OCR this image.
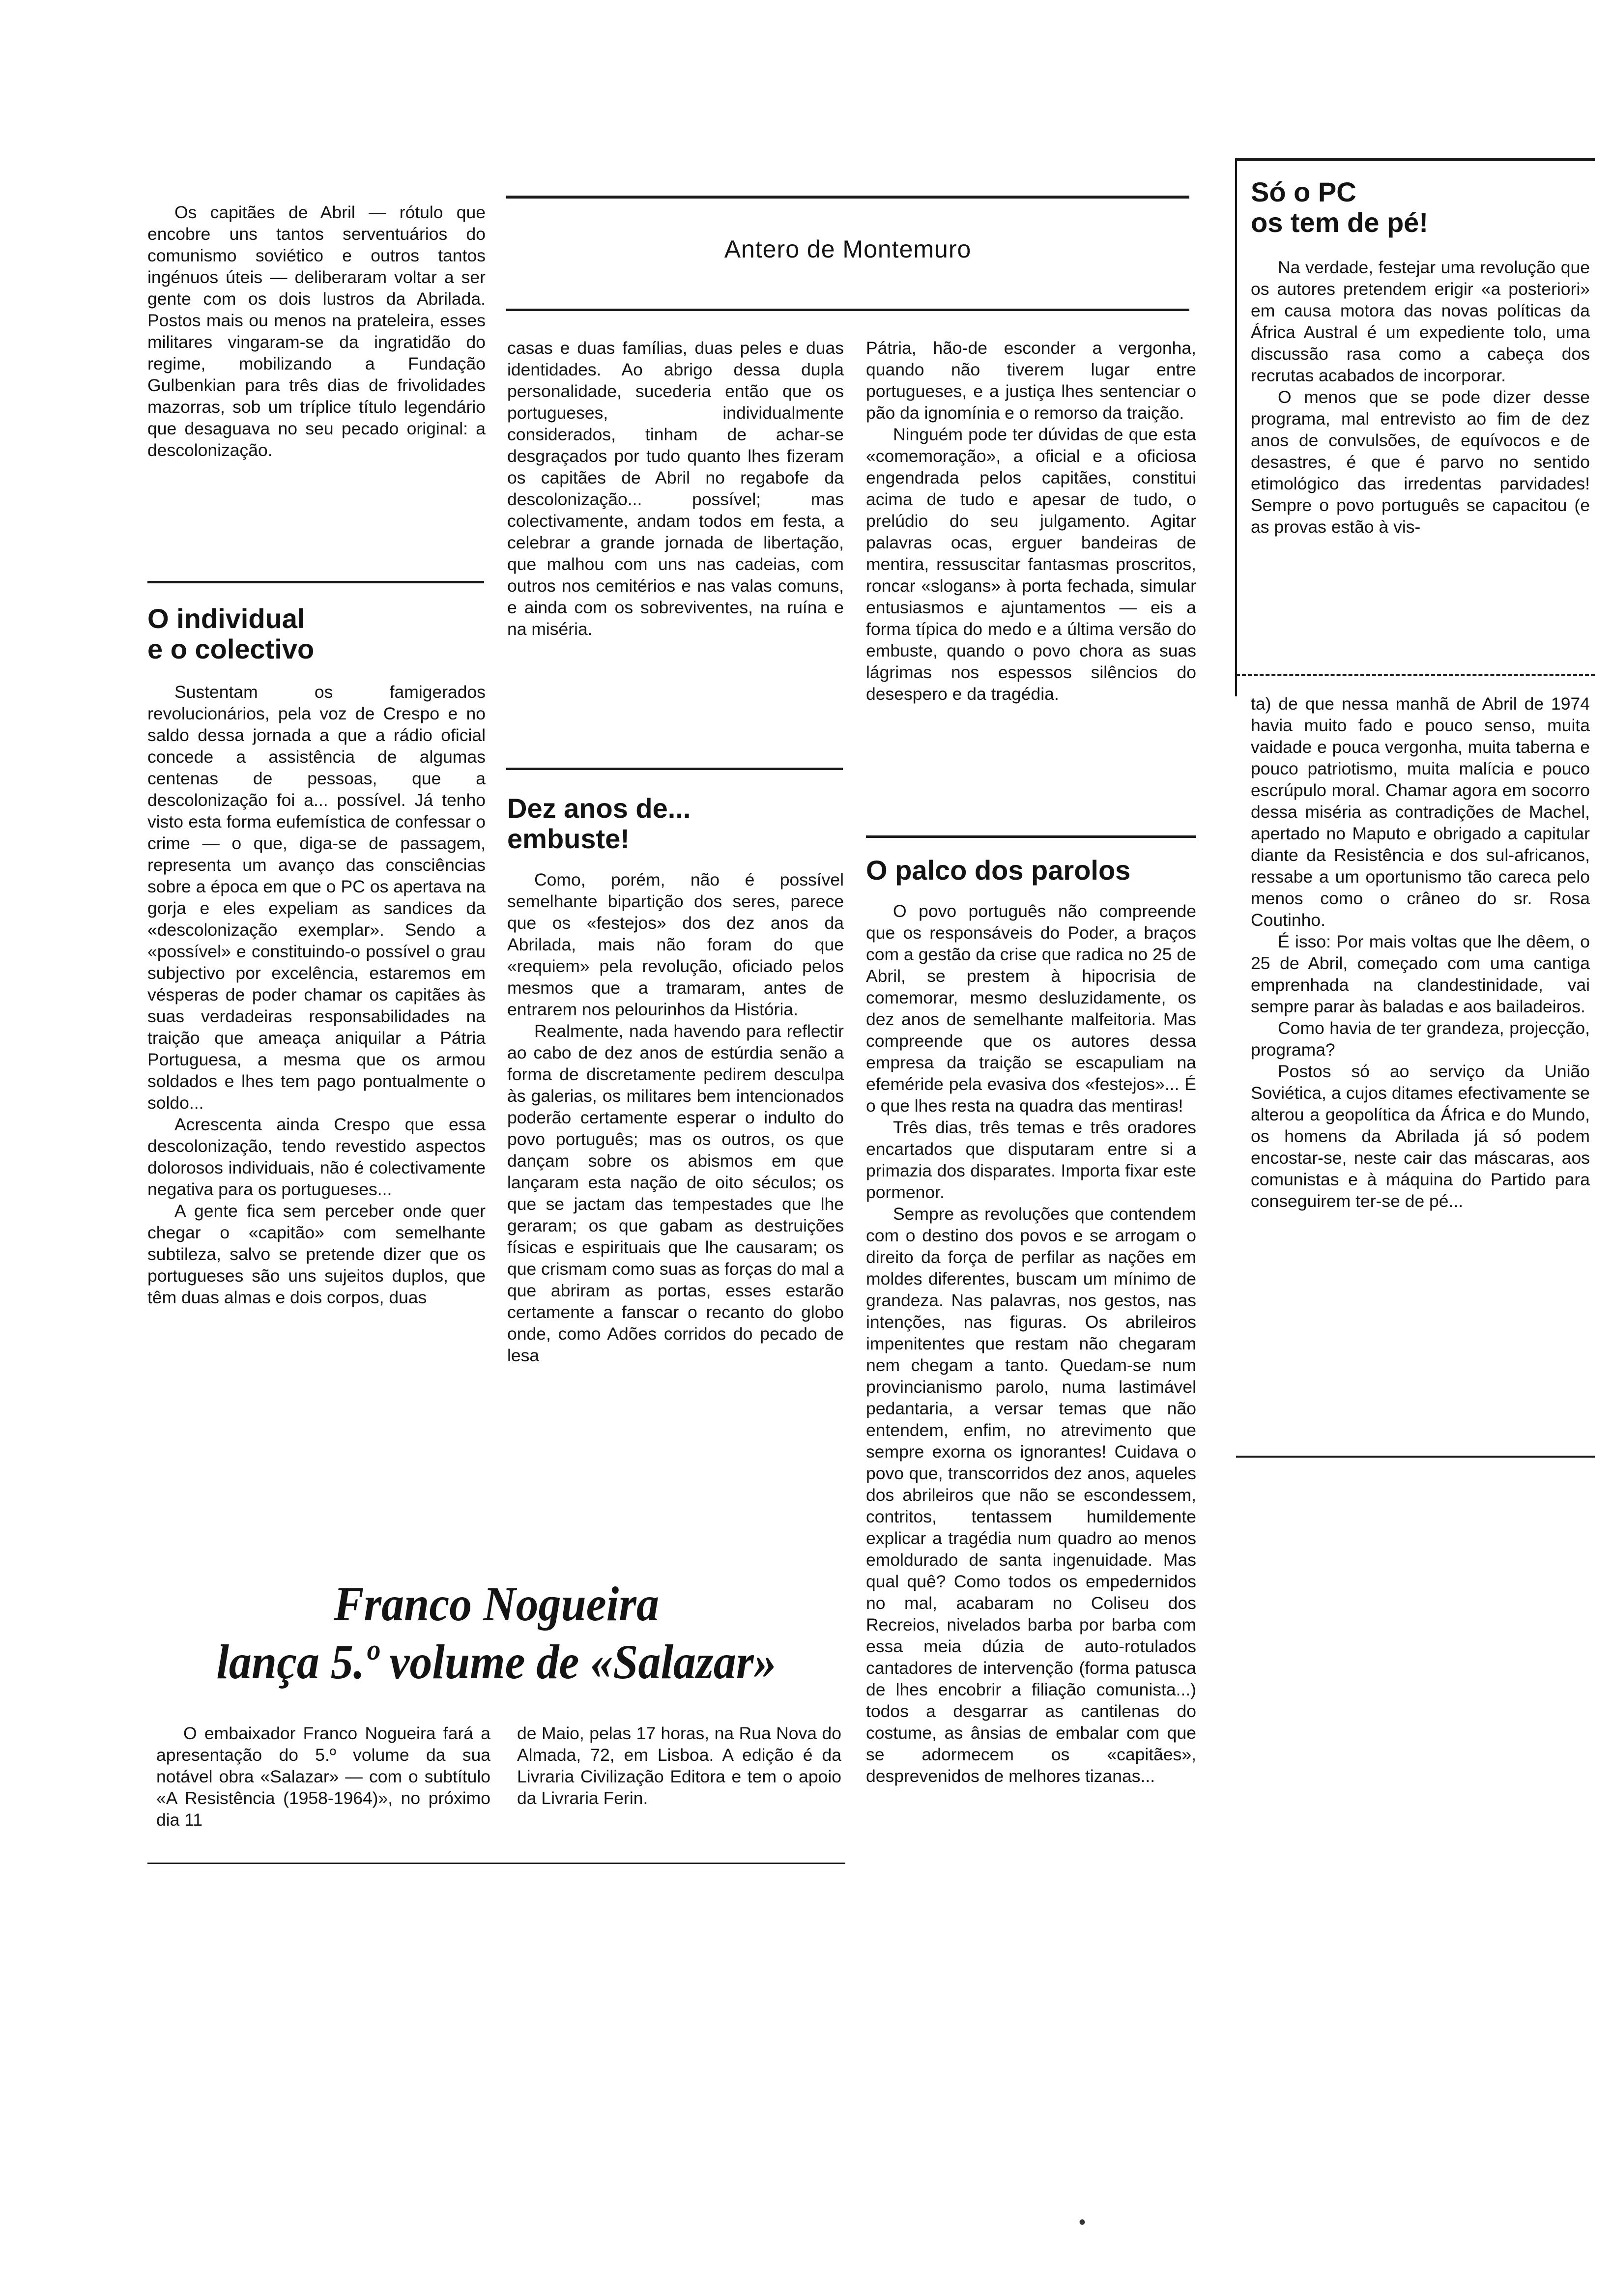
Antero de Montemuro

Os capitães de Abril — rótulo que encobre uns tantos serventuários do comunismo soviético e outros tantos ingénuos úteis — deliberaram voltar a ser gente com os dois lustros da Abrilada. Postos mais ou menos na prateleira, esses militares vingaram-se da ingratidão do regime, mobilizando a Fundação Gulbenkian para três dias de frivolidades mazorras, sob um tríplice título legendário que desaguava no seu pecado original: a descolonização.

O individual
e o colectivo

Sustentam os famigerados revolucionários, pela voz de Crespo e no saldo dessa jornada a que a rádio oficial concede a assistência de algumas centenas de pessoas, que a descolonização foi a... possível. Já tenho visto esta forma eufemística de confessar o crime — o que, diga-se de passagem, representa um avanço das consciências sobre a época em que o PC os apertava na gorja e eles expeliam as sandices da «descolonização exemplar». Sendo a «possível» e constituindo-o possível o grau subjectivo por excelência, estaremos em vésperas de poder chamar os capitães às suas verdadeiras responsabilidades na traição que ameaça aniquilar a Pátria Portuguesa, a mesma que os armou soldados e lhes tem pago pontualmente o soldo...

Acrescenta ainda Crespo que essa descolonização, tendo revestido aspectos dolorosos individuais, não é colectivamente negativa para os portugueses...

A gente fica sem perceber onde quer chegar o «capitão» com semelhante subtileza, salvo se pretende dizer que os portugueses são uns sujeitos duplos, que têm duas almas e dois corpos, duas

casas e duas famílias, duas peles e duas identidades. Ao abrigo dessa dupla personalidade, sucederia então que os portugueses, individualmente considerados, tinham de achar-se desgraçados por tudo quanto lhes fizeram os capitães de Abril no regabofe da descolonização... possível; mas colectivamente, andam todos em festa, a celebrar a grande jornada de libertação, que malhou com uns nas cadeias, com outros nos cemitérios e nas valas comuns, e ainda com os sobreviventes, na ruína e na miséria.

Dez anos de...
embuste!

Como, porém, não é possível semelhante bipartição dos seres, parece que os «festejos» dos dez anos da Abrilada, mais não foram do que «requiem» pela revolução, oficiado pelos mesmos que a tramaram, antes de entrarem nos pelourinhos da História.

Realmente, nada havendo para reflectir ao cabo de dez anos de estúrdia senão a forma de discretamente pedirem desculpa às galerias, os militares bem intencionados poderão certamente esperar o indulto do povo português; mas os outros, os que dançam sobre os abismos em que lançaram esta nação de oito séculos; os que se jactam das tempestades que lhe geraram; os que gabam as destruições físicas e espirituais que lhe causaram; os que crismam como suas as forças do mal a que abriram as portas, esses estarão certamente a fanscar o recanto do globo onde, como Adões corridos do pecado de lesa

Pátria, hão-de esconder a vergonha, quando não tiverem lugar entre portugueses, e a justiça lhes sentenciar o pão da ignomínia e o remorso da traição.

Ninguém pode ter dúvidas de que esta «comemoração», a oficial e a oficiosa engendrada pelos capitães, constitui acima de tudo e apesar de tudo, o prelúdio do seu julgamento. Agitar palavras ocas, erguer bandeiras de mentira, ressuscitar fantasmas proscritos, roncar «slogans» à porta fechada, simular entusiasmos e ajuntamentos — eis a forma típica do medo e a última versão do embuste, quando o povo chora as suas lágrimas nos espessos silêncios do desespero e da tragédia.

O palco dos parolos

O povo português não compreende que os responsáveis do Poder, a braços com a gestão da crise que radica no 25 de Abril, se prestem à hipocrisia de comemorar, mesmo desluzidamente, os dez anos de semelhante malfeitoria. Mas compreende que os autores dessa empresa da traição se escapuliam na efeméride pela evasiva dos «festejos»... É o que lhes resta na quadra das mentiras!

Três dias, três temas e três oradores encartados que disputaram entre si a primazia dos disparates. Importa fixar este pormenor.

Sempre as revoluções que contendem com o destino dos povos e se arrogam o direito da força de perfilar as nações em moldes diferentes, buscam um mínimo de grandeza. Nas palavras, nos gestos, nas intenções, nas figuras. Os abrileiros impenitentes que restam não chegaram nem chegam a tanto. Quedam-se num provincianismo parolo, numa lastimável pedantaria, a versar temas que não entendem, enfim, no atrevimento que sempre exorna os ignorantes! Cuidava o povo que, transcorridos dez anos, aqueles dos abrileiros que não se escondessem, contritos, tentassem humildemente explicar a tragédia num quadro ao menos emoldurado de santa ingenuidade. Mas qual quê? Como todos os empedernidos no mal, acabaram no Coliseu dos Recreios, nivelados barba por barba com essa meia dúzia de auto-rotulados cantadores de intervenção (forma patusca de lhes encobrir a filiação comunista...) todos a desgarrar as cantilenas do costume, as ânsias de embalar com que se adormecem os «capitães», desprevenidos de melhores tizanas...

Só o PC
os tem de pé!

Na verdade, festejar uma revolução que os autores pretendem erigir «a posteriori» em causa motora das novas políticas da África Austral é um expediente tolo, uma discussão rasa como a cabeça dos recrutas acabados de incorporar.

O menos que se pode dizer desse programa, mal entrevisto ao fim de dez anos de convulsões, de equívocos e de desastres, é que é parvo no sentido etimológico das irredentas parvidades! Sempre o povo português se capacitou (e as provas estão à vis-

ta) de que nessa manhã de Abril de 1974 havia muito fado e pouco senso, muita vaidade e pouca vergonha, muita taberna e pouco patriotismo, muita malícia e pouco escrúpulo moral. Chamar agora em socorro dessa miséria as contradições de Machel, apertado no Maputo e obrigado a capitular diante da Resistência e dos sul-africanos, ressabe a um oportunismo tão careca pelo menos como o crâneo do sr. Rosa Coutinho.

É isso: Por mais voltas que lhe dêem, o 25 de Abril, começado com uma cantiga emprenhada na clandestinidade, vai sempre parar às baladas e aos bailadeiros.

Como havia de ter grandeza, projecção, programa?

Postos só ao serviço da União Soviética, a cujos ditames efectivamente se alterou a geopolítica da África e do Mundo, os homens da Abrilada já só podem encostar-se, neste cair das máscaras, aos comunistas e à máquina do Partido para conseguirem ter-se de pé...

Franco Nogueira
lança 5.º volume de «Salazar»

O embaixador Franco Nogueira fará a apresentação do 5.º volume da sua notável obra «Salazar» — com o subtítulo «A Resistência (1958-1964)», no próximo dia 11

de Maio, pelas 17 horas, na Rua Nova do Almada, 72, em Lisboa. A edição é da Livraria Civilização Editora e tem o apoio da Livraria Ferin.

•
